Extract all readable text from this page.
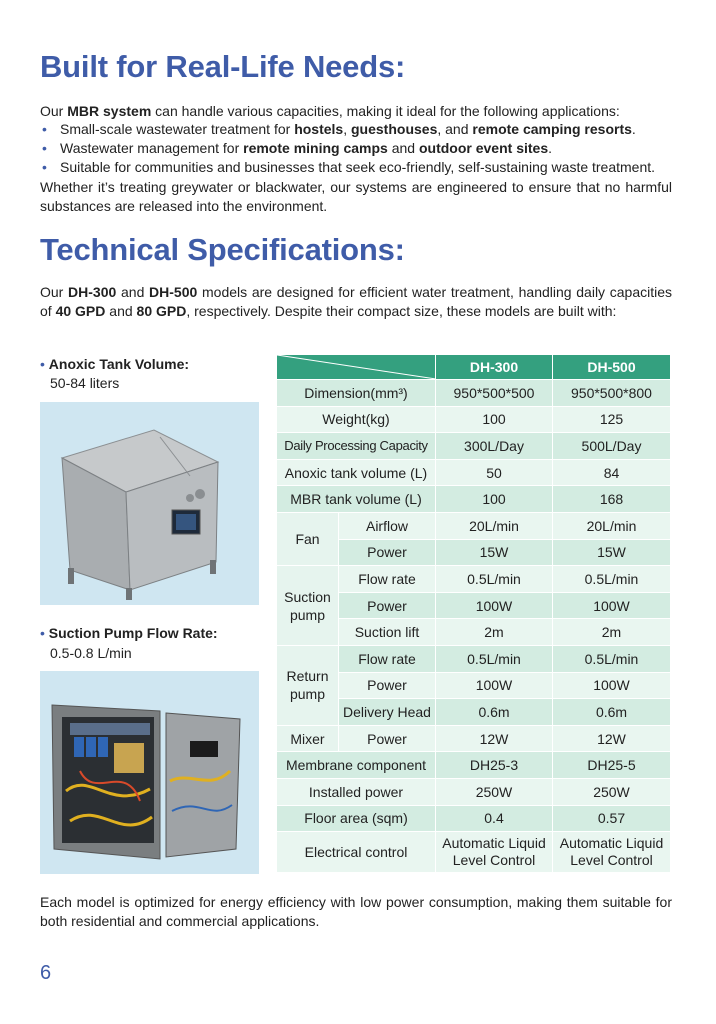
Built for Real-Life Needs:
Our MBR system can handle various capacities, making it ideal for the following applications:
• Small-scale wastewater treatment for hostels, guesthouses, and remote camping resorts.
• Wastewater management for remote mining camps and outdoor event sites.
• Suitable for communities and businesses that seek eco-friendly, self-sustaining waste treatment.
Whether it’s treating greywater or blackwater, our systems are engineered to ensure that no harmful substances are released into the environment.
Technical Specifications:
Our DH-300 and DH-500 models are designed for efficient water treatment, handling daily capacities of 40 GPD and 80 GPD, respectively. Despite their compact size, these models are built with:
• Anoxic Tank Volume:
50-84 liters
• Suction Pump Flow Rate:
0.5-0.8 L/min
	DH-300	DH-500
Dimension(mm³)		950*500*500	950*500*800
Weight(kg)		100	125
Daily Processing Capacity		300L/Day	500L/Day
Anoxic tank volume (L)		50	84
MBR tank volume (L)		100	168
Fan	Airflow	20L/min	20L/min
	Power	15W	15W
Suction pump	Flow rate	0.5L/min	0.5L/min
	Power	100W	100W
	Suction lift	2m	2m
Return pump	Flow rate	0.5L/min	0.5L/min
	Power	100W	100W
	Delivery Head	0.6m	0.6m
Mixer	Power	12W	12W
Membrane component		DH25-3	DH25-5
Installed power		250W	250W
Floor area (sqm)		0.4	0.57
Electrical control		Automatic Liquid Level Control	Automatic Liquid Level Control
Each model is optimized for energy efficiency with low power consumption, making them suitable for both residential and commercial applications.
6
